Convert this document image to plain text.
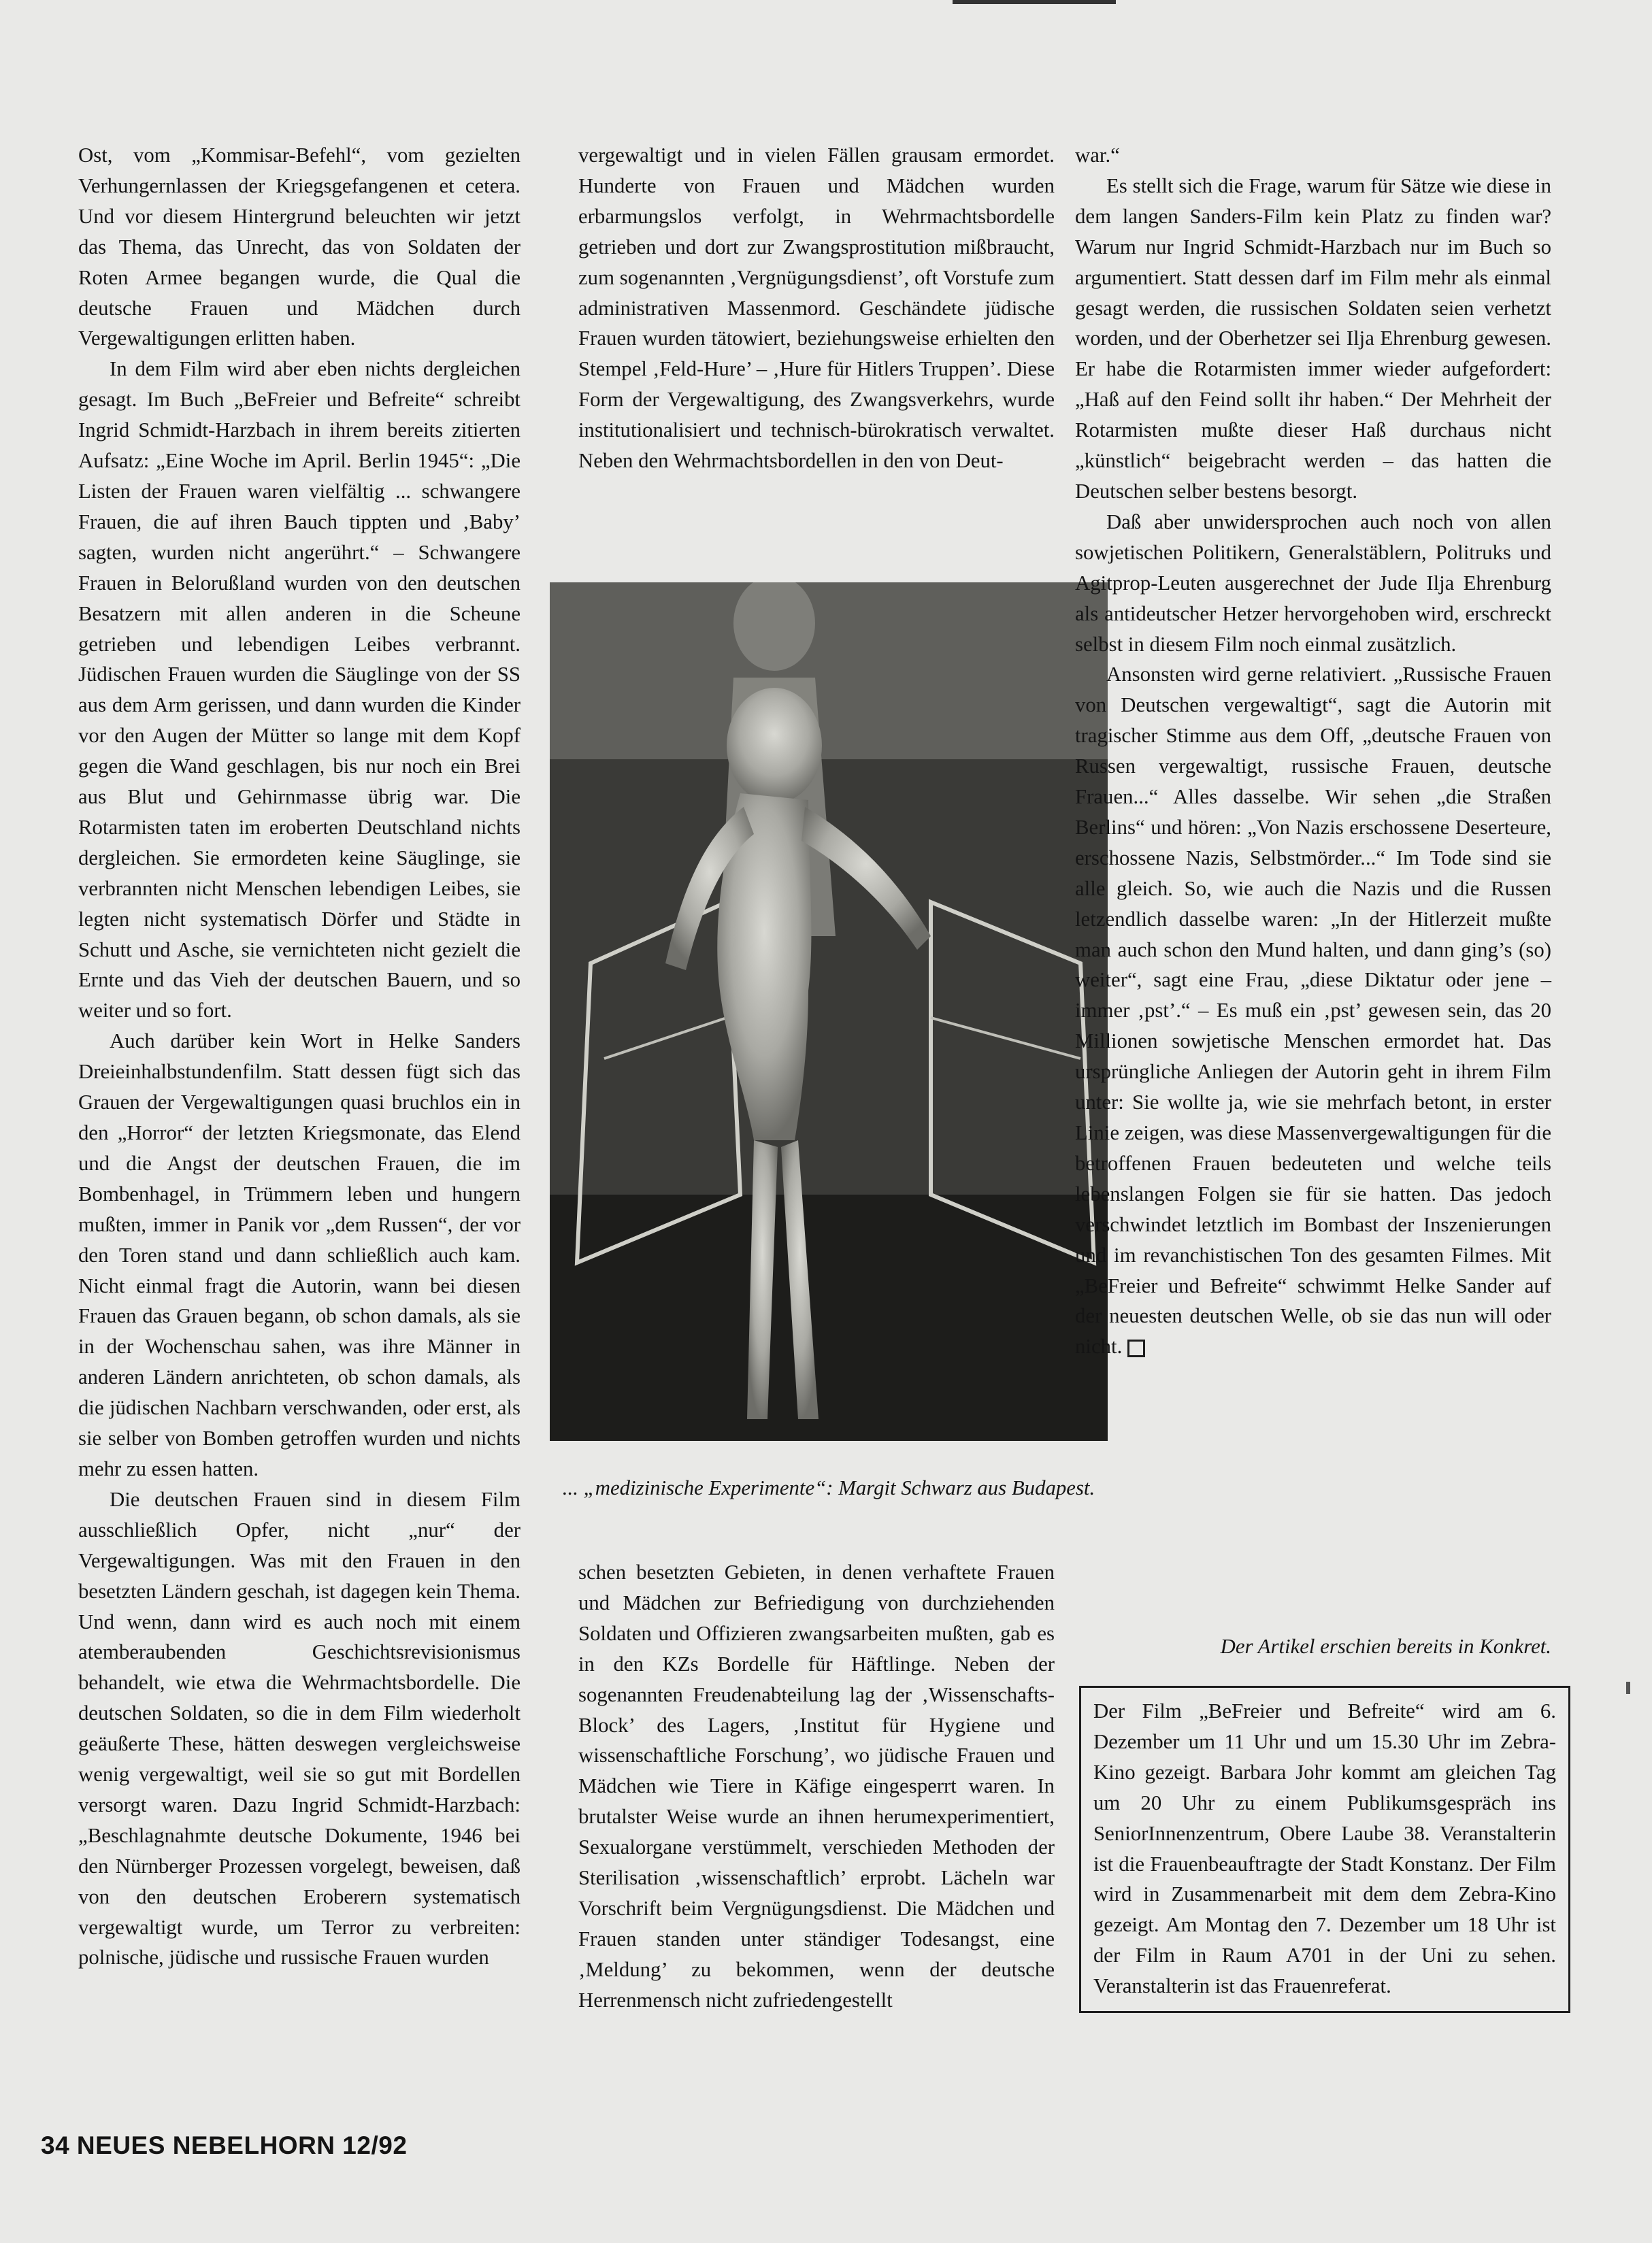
Ost, vom „Kommisar-Befehl“, vom gezielten Verhungernlassen der Kriegsgefangenen et cetera. Und vor diesem Hintergrund beleuchten wir jetzt das Thema, das Unrecht, das von Soldaten der Roten Armee begangen wurde, die Qual die deutsche Frauen und Mädchen durch Vergewaltigungen erlitten haben.

In dem Film wird aber eben nichts dergleichen gesagt. Im Buch „BeFreier und Befreite“ schreibt Ingrid Schmidt-Harzbach in ihrem bereits zitierten Aufsatz: „Eine Woche im April. Berlin 1945“: „Die Listen der Frauen waren vielfältig ... schwangere Frauen, die auf ihren Bauch tippten und ‚Baby’ sagten, wurden nicht angerührt.“ – Schwangere Frauen in Belorußland wurden von den deutschen Besatzern mit allen anderen in die Scheune getrieben und lebendigen Leibes verbrannt. Jüdischen Frauen wurden die Säuglinge von der SS aus dem Arm gerissen, und dann wurden die Kinder vor den Augen der Mütter so lange mit dem Kopf gegen die Wand geschlagen, bis nur noch ein Brei aus Blut und Gehirnmasse übrig war. Die Rotarmisten taten im eroberten Deutschland nichts dergleichen. Sie ermordeten keine Säuglinge, sie verbrannten nicht Menschen lebendigen Leibes, sie legten nicht systematisch Dörfer und Städte in Schutt und Asche, sie vernichteten nicht gezielt die Ernte und das Vieh der deutschen Bauern, und so weiter und so fort.

Auch darüber kein Wort in Helke Sanders Dreieinhalbstundenfilm. Statt dessen fügt sich das Grauen der Vergewaltigungen quasi bruchlos ein in den „Horror“ der letzten Kriegsmonate, das Elend und die Angst der deutschen Frauen, die im Bombenhagel, in Trümmern leben und hungern mußten, immer in Panik vor „dem Russen“, der vor den Toren stand und dann schließlich auch kam. Nicht einmal fragt die Autorin, wann bei diesen Frauen das Grauen begann, ob schon damals, als sie in der Wochenschau sahen, was ihre Männer in anderen Ländern anrichteten, ob schon damals, als die jüdischen Nachbarn verschwanden, oder erst, als sie selber von Bomben getroffen wurden und nichts mehr zu essen hatten.

Die deutschen Frauen sind in diesem Film ausschließlich Opfer, nicht „nur“ der Vergewaltigungen. Was mit den Frauen in den besetzten Ländern geschah, ist dagegen kein Thema. Und wenn, dann wird es auch noch mit einem atemberaubenden Geschichtsrevisionismus behandelt, wie etwa die Wehrmachtsbordelle. Die deutschen Soldaten, so die in dem Film wiederholt geäußerte These, hätten deswegen vergleichsweise wenig vergewaltigt, weil sie so gut mit Bordellen versorgt waren. Dazu Ingrid Schmidt-Harzbach: „Beschlagnahmte deutsche Dokumente, 1946 bei den Nürnberger Prozessen vorgelegt, beweisen, daß von den deutschen Eroberern systematisch vergewaltigt wurde, um Terror zu verbreiten: polnische, jüdische und russische Frauen wurden

vergewaltigt und in vielen Fällen grausam ermordet. Hunderte von Frauen und Mädchen wurden erbarmungslos verfolgt, in Wehrmachtsbordelle getrieben und dort zur Zwangsprostitution mißbraucht, zum sogenannten ‚Vergnügungsdienst’, oft Vorstufe zum administrativen Massenmord. Geschändete jüdische Frauen wurden tätowiert, beziehungsweise erhielten den Stempel ‚Feld-Hure’ – ‚Hure für Hitlers Truppen’. Diese Form der Vergewaltigung, des Zwangsverkehrs, wurde institutionalisiert und technisch-bürokratisch verwaltet. Neben den Wehrmachtsbordellen in den von Deut-

... „medizinische Experimente“: Margit Schwarz aus Budapest.

schen besetzten Gebieten, in denen verhaftete Frauen und Mädchen zur Befriedigung von durchziehenden Soldaten und Offizieren zwangsarbeiten mußten, gab es in den KZs Bordelle für Häftlinge. Neben der sogenannten Freudenabteilung lag der ‚Wissenschafts-Block’ des Lagers, ‚Institut für Hygiene und wissenschaftliche Forschung’, wo jüdische Frauen und Mädchen wie Tiere in Käfige eingesperrt waren. In brutalster Weise wurde an ihnen herumexperimentiert, Sexualorgane verstümmelt, verschieden Methoden der Sterilisation ‚wissenschaftlich’ erprobt. Lächeln war Vorschrift beim Vergnügungsdienst. Die Mädchen und Frauen standen unter ständiger Todesangst, eine ‚Meldung’ zu bekommen, wenn der deutsche Herrenmensch nicht zufriedengestellt

war.“

Es stellt sich die Frage, warum für Sätze wie diese in dem langen Sanders-Film kein Platz zu finden war? Warum nur Ingrid Schmidt-Harzbach nur im Buch so argumentiert. Statt dessen darf im Film mehr als einmal gesagt werden, die russischen Soldaten seien verhetzt worden, und der Oberhetzer sei Ilja Ehrenburg gewesen. Er habe die Rotarmisten immer wieder aufgefordert: „Haß auf den Feind sollt ihr haben.“ Der Mehrheit der Rotarmisten mußte dieser Haß durchaus nicht „künstlich“ beigebracht werden – das hatten die Deutschen selber bestens besorgt.

Daß aber unwidersprochen auch noch von allen sowjetischen Politikern, Generalstäblern, Politruks und Agitprop-Leuten ausgerechnet der Jude Ilja Ehrenburg als antideutscher Hetzer hervorgehoben wird, erschreckt selbst in diesem Film noch einmal zusätzlich.

Ansonsten wird gerne relativiert. „Russische Frauen von Deutschen vergewaltigt“, sagt die Autorin mit tragischer Stimme aus dem Off, „deutsche Frauen von Russen vergewaltigt, russische Frauen, deutsche Frauen...“ Alles dasselbe. Wir sehen „die Straßen Berlins“ und hören: „Von Nazis erschossene Deserteure, erschossene Nazis, Selbstmörder...“ Im Tode sind sie alle gleich. So, wie auch die Nazis und die Russen letzendlich dasselbe waren: „In der Hitlerzeit mußte man auch schon den Mund halten, und dann ging’s (so) weiter“, sagt eine Frau, „diese Diktatur oder jene – immer ‚pst’.“ – Es muß ein ‚pst’ gewesen sein, das 20 Millionen sowjetische Menschen ermordet hat. Das ursprüngliche Anliegen der Autorin geht in ihrem Film unter: Sie wollte ja, wie sie mehrfach betont, in erster Linie zeigen, was diese Massenvergewaltigungen für die betroffenen Frauen bedeuteten und welche teils lebenslangen Folgen sie für sie hatten. Das jedoch verschwindet letztlich im Bombast der Inszenierungen und im revanchistischen Ton des gesamten Filmes. Mit „BeFreier und Befreite“ schwimmt Helke Sander auf der neuesten deutschen Welle, ob sie das nun will oder nicht.

Der Artikel erschien bereits in Konkret.
Der Film „BeFreier und Befreite“ wird am 6. Dezember um 11 Uhr und um 15.30 Uhr im Zebra-Kino gezeigt. Barbara Johr kommt am gleichen Tag um 20 Uhr zu einem Publikumsgespräch ins SeniorInnenzentrum, Obere Laube 38. Veranstalterin ist die Frauenbeauftragte der Stadt Konstanz. Der Film wird in Zusammenarbeit mit dem dem Zebra-Kino gezeigt. Am Montag den 7. Dezember um 18 Uhr ist der Film in Raum A701 in der Uni zu sehen. Veranstalterin ist das Frauenreferat.
34 NEUES NEBELHORN 12/92
